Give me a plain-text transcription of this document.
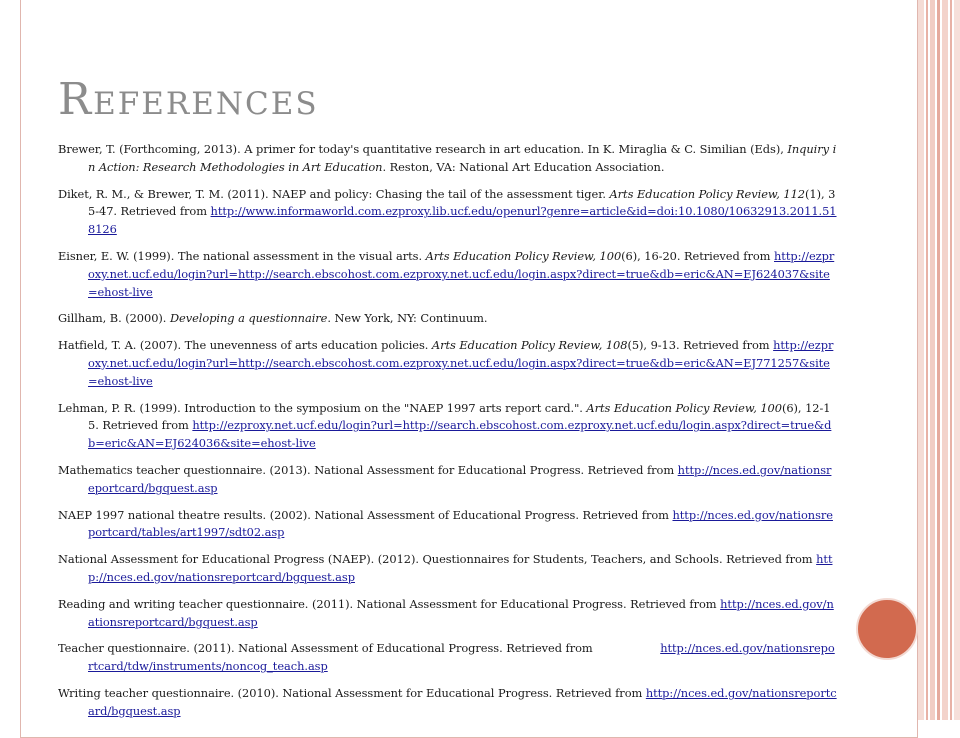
References

Brewer, T. (Forthcoming, 2013). A primer for today's quantitative research in art education. In K. Miraglia & C. Similian (Eds), Inquiry in Action: Research Methodologies in Art Education. Reston, VA: National Art Education Association.

Diket, R. M., & Brewer, T. M. (2011). NAEP and policy: Chasing the tail of the assessment tiger. Arts Education Policy Review, 112(1), 35-47. Retrieved from http://www.informaworld.com.ezproxy.lib.ucf.edu/openurl?genre=article&id=doi:10.1080/10632913.2011.518126

Eisner, E. W. (1999). The national assessment in the visual arts. Arts Education Policy Review, 100(6), 16-20. Retrieved from http://ezproxy.net.ucf.edu/login?url=http://search.ebscohost.com.ezproxy.net.ucf.edu/login.aspx?direct=true&db=eric&AN=EJ624037&site=ehost-live

Gillham, B. (2000). Developing a questionnaire. New York, NY: Continuum.

Hatfield, T. A. (2007). The unevenness of arts education policies. Arts Education Policy Review, 108(5), 9-13. Retrieved from http://ezproxy.net.ucf.edu/login?url=http://search.ebscohost.com.ezproxy.net.ucf.edu/login.aspx?direct=true&db=eric&AN=EJ771257&site=ehost-live

Lehman, P. R. (1999). Introduction to the symposium on the "NAEP 1997 arts report card.". Arts Education Policy Review, 100(6), 12-15. Retrieved from http://ezproxy.net.ucf.edu/login?url=http://search.ebscohost.com.ezproxy.net.ucf.edu/login.aspx?direct=true&db=eric&AN=EJ624036&site=ehost-live

Mathematics teacher questionnaire. (2013). National Assessment for Educational Progress. Retrieved from http://nces.ed.gov/nationsreportcard/bgquest.asp

NAEP 1997 national theatre results. (2002). National Assessment of Educational Progress. Retrieved from http://nces.ed.gov/nationsreportcard/tables/art1997/sdt02.asp

National Assessment for Educational Progress (NAEP). (2012). Questionnaires for Students, Teachers, and Schools. Retrieved from http://nces.ed.gov/nationsreportcard/bgquest.asp

Reading and writing teacher questionnaire. (2011). National Assessment for Educational Progress. Retrieved from http://nces.ed.gov/nationsreportcard/bgquest.asp

Teacher questionnaire. (2011). National Assessment of Educational Progress. Retrieved from	http://nces.ed.gov/nationsreportcard/tdw/instruments/noncog_teach.asp

Writing teacher questionnaire. (2010). National Assessment for Educational Progress. Retrieved from http://nces.ed.gov/nationsreportcard/bgquest.asp
